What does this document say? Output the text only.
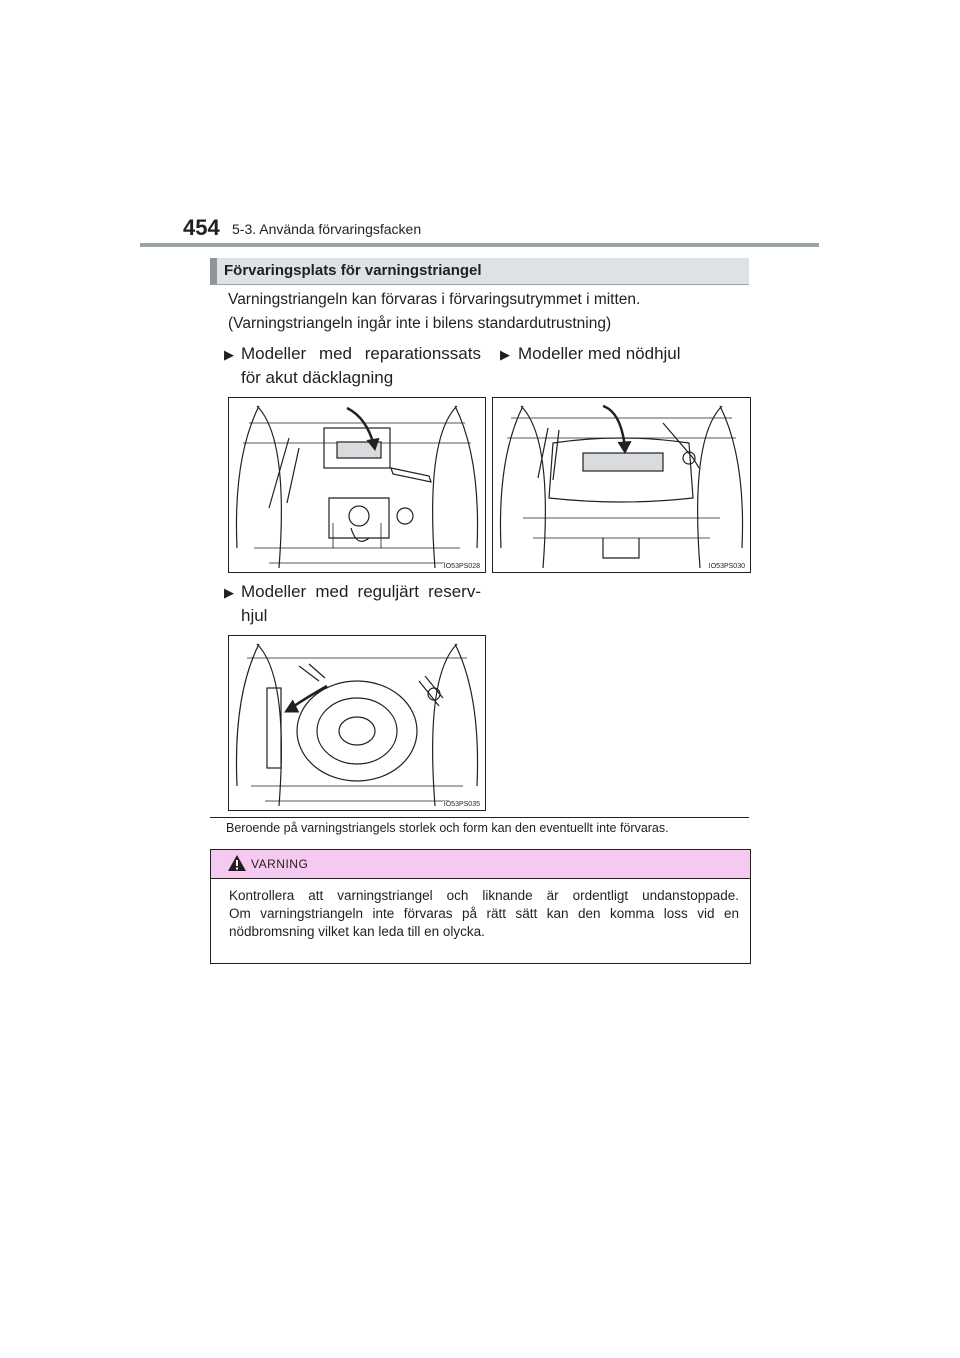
454 5-3. Använda förvaringsfacken
Förvaringsplats för varningstriangel
Varningstriangeln kan förvaras i förvaringsutrymmet i mitten.
(Varningstriangeln ingår inte i bilens standardutrustning)
▶ Modeller med reparationssats
för akut däcklagning
▶ Modeller med nödhjul
▶ Modeller med reguljärt reserv-
hjul
IO53PS028	IO53PS030
IO53PS035
Beroende på varningstriangels storlek och form kan den eventuellt inte förvaras.
VARNING
Kontrollera att varningstriangel och liknande är ordentligt undanstoppade.
Om varningstriangeln inte förvaras på rätt sätt kan den komma loss vid en
nödbromsning vilket kan leda till en olycka.
